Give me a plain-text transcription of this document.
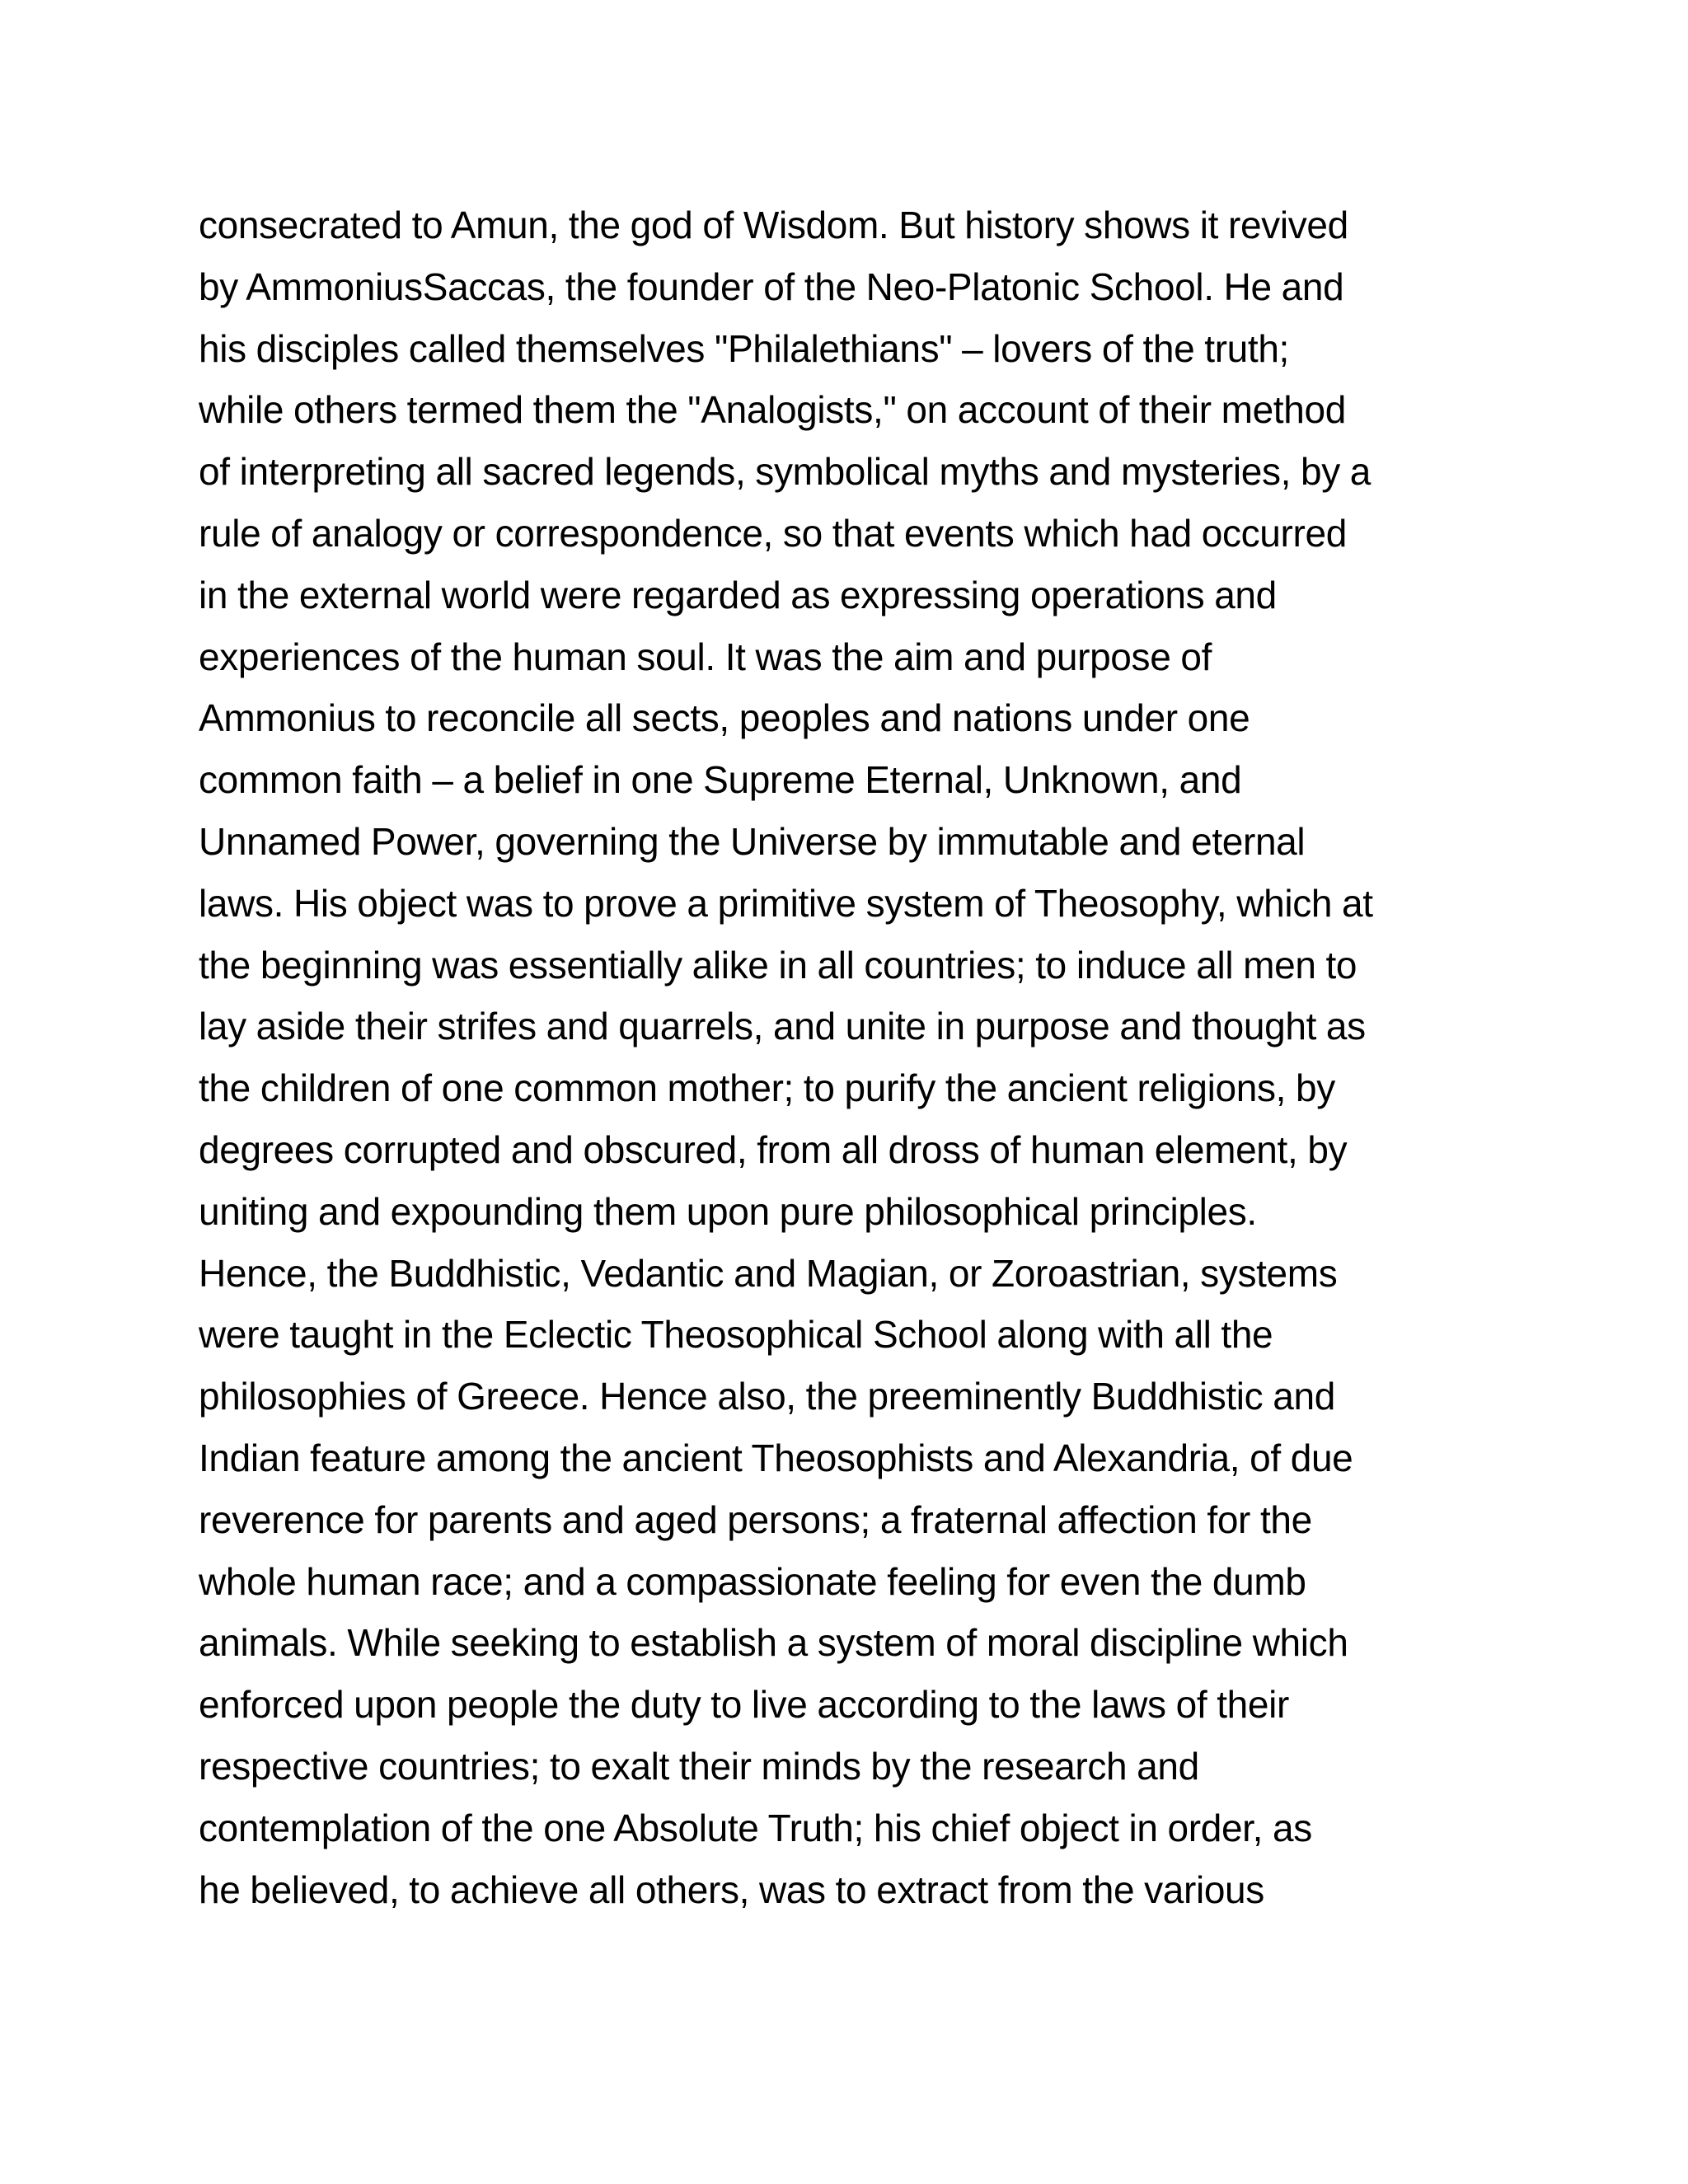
consecrated to Amun, the god of Wisdom. But history shows it revived
by AmmoniusSaccas, the founder of the Neo-Platonic School. He and
his disciples called themselves "Philalethians" – lovers of the truth;
while others termed them the "Analogists," on account of their method
of interpreting all sacred legends, symbolical myths and mysteries, by a
rule of analogy or correspondence, so that events which had occurred
in the external world were regarded as expressing operations and
experiences of the human soul. It was the aim and purpose of
Ammonius to reconcile all sects, peoples and nations under one
common faith – a belief in one Supreme Eternal, Unknown, and
Unnamed Power, governing the Universe by immutable and eternal
laws. His object was to prove a primitive system of Theosophy, which at
the beginning was essentially alike in all countries; to induce all men to
lay aside their strifes and quarrels, and unite in purpose and thought as
the children of one common mother; to purify the ancient religions, by
degrees corrupted and obscured, from all dross of human element, by
uniting and expounding them upon pure philosophical principles.
Hence, the Buddhistic, Vedantic and Magian, or Zoroastrian, systems
were taught in the Eclectic Theosophical School along with all the
philosophies of Greece. Hence also, the preeminently Buddhistic and
Indian feature among the ancient Theosophists and Alexandria, of due
reverence for parents and aged persons; a fraternal affection for the
whole human race; and a compassionate feeling for even the dumb
animals. While seeking to establish a system of moral discipline which
enforced upon people the duty to live according to the laws of their
respective countries; to exalt their minds by the research and
contemplation of the one Absolute Truth; his chief object in order, as
he believed, to achieve all others, was to extract from the various
